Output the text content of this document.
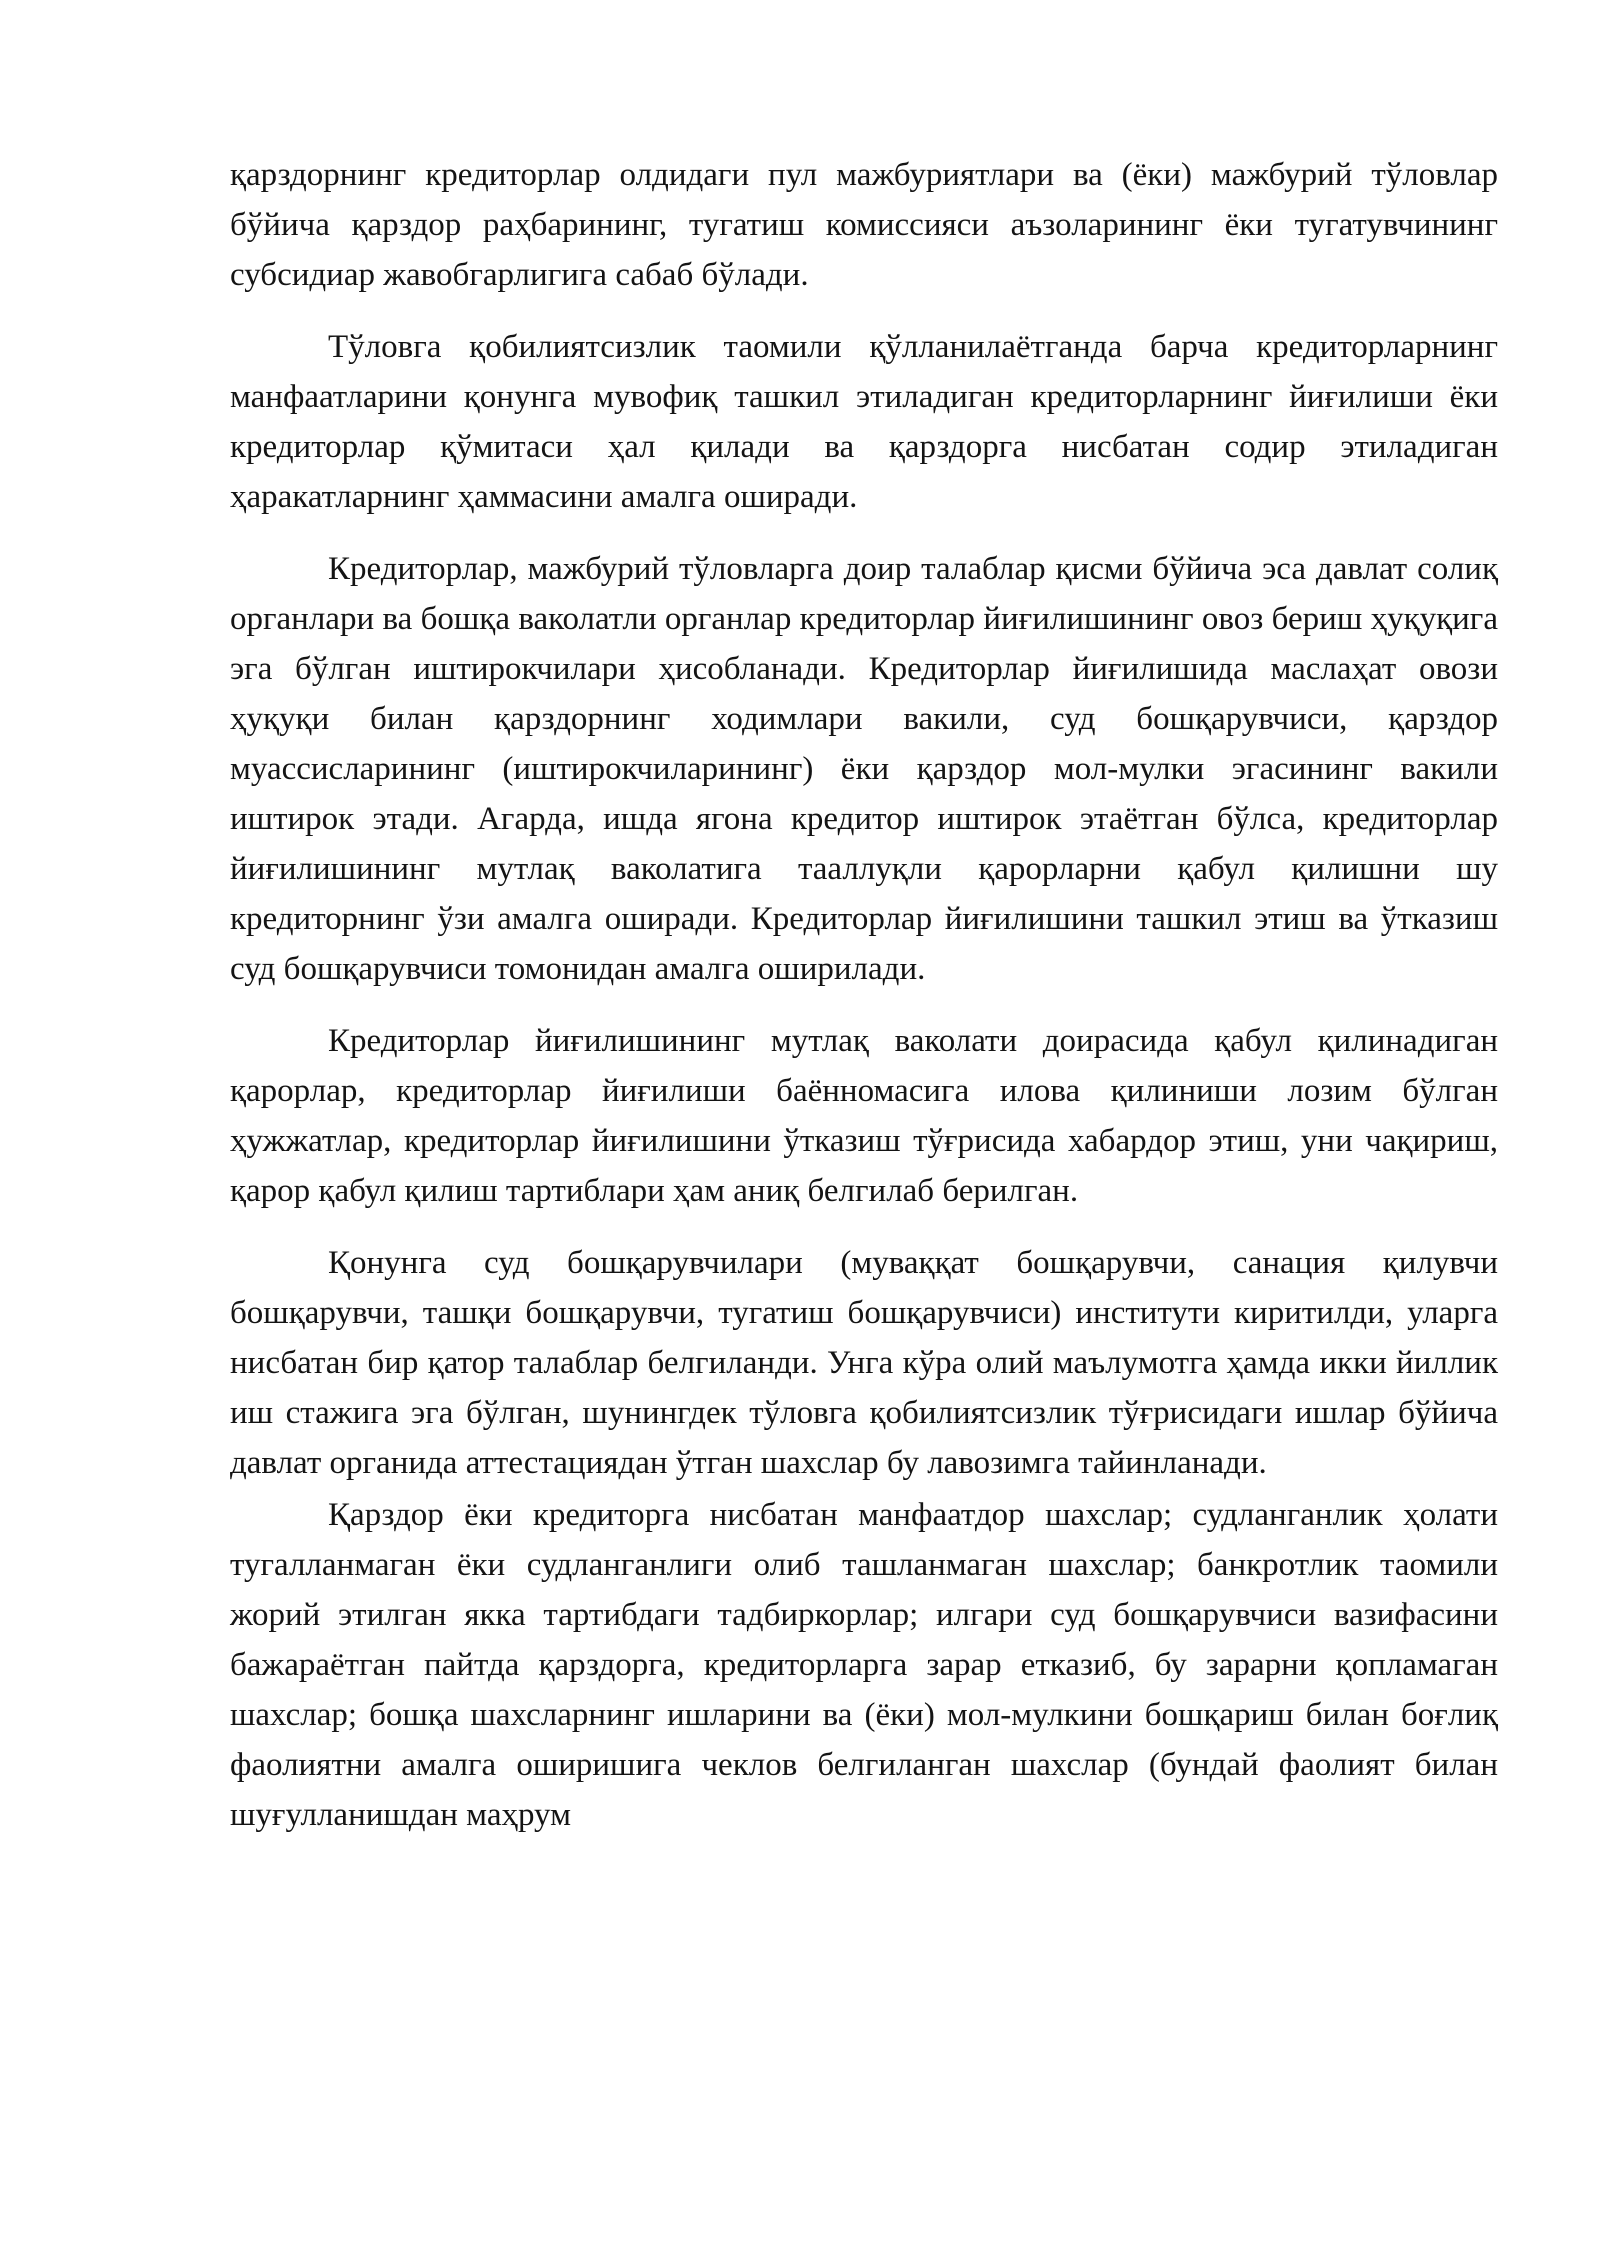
қарздорнинг кредиторлар олдидаги пул мажбуриятлари ва (ёки) мажбурий тўловлар бўйича қарздор раҳбарининг, тугатиш комиссияси аъзоларининг ёки тугатувчининг субсидиар жавобгарлигига сабаб бўлади.

Тўловга қобилиятсизлик таомили қўлланилаётганда барча кредиторларнинг манфаатларини қонунга мувофиқ ташкил этиладиган кредиторларнинг йиғилиши ёки кредиторлар қўмитаси ҳал қилади ва қарздорга нисбатан содир этиладиган ҳаракатларнинг ҳаммасини амалга оширади.

Кредиторлар, мажбурий тўловларга доир талаблар қисми бўйича эса давлат солиқ органлари ва бошқа ваколатли органлар кредиторлар йиғилишининг овоз бериш ҳуқуқига эга бўлган иштирокчилари ҳисобланади. Кредиторлар йиғилишида маслаҳат овози ҳуқуқи билан қарздорнинг ходимлари вакили, суд бошқарувчиси, қарздор муассисларининг (иштирокчиларининг) ёки қарздор мол-мулки эгасининг вакили иштирок этади. Агарда, ишда ягона кредитор иштирок этаётган бўлса, кредиторлар йиғилишининг мутлақ ваколатига тааллуқли қарорларни қабул қилишни шу кредиторнинг ўзи амалга оширади. Кредиторлар йиғилишини ташкил этиш ва ўтказиш суд бошқарувчиси томонидан амалга оширилади.

Кредиторлар йиғилишининг мутлақ ваколати доирасида қабул қилинадиган қарорлар, кредиторлар йиғилиши баённомасига илова қилиниши лозим бўлган ҳужжатлар, кредиторлар йиғилишини ўтказиш тўғрисида хабардор этиш, уни чақириш, қарор қабул қилиш тартиблари ҳам аниқ белгилаб берилган.

Қонунга суд бошқарувчилари (муваққат бошқарувчи, санация қилувчи бошқарувчи, ташқи бошқарувчи, тугатиш бошқарувчиси) институти киритилди, уларга нисбатан бир қатор талаблар белгиланди. Унга кўра олий маълумотга ҳамда икки йиллик иш стажига эга бўлган, шунингдек тўловга қобилиятсизлик тўғрисидаги ишлар бўйича давлат органида аттестациядан ўтган шахслар бу лавозимга тайинланади.

Қарздор ёки кредиторга нисбатан манфаатдор шахслар; судланганлик ҳолати тугалланмаган ёки судланганлиги олиб ташланмаган шахслар; банкротлик таомили жорий этилган якка тартибдаги тадбиркорлар; илгари суд бошқарувчиси вазифасини бажараётган пайтда қарздорга, кредиторларга зарар етказиб, бу зарарни қопламаган шахслар; бошқа шахсларнинг ишларини ва (ёки) мол-мулкини бошқариш билан боғлиқ фаолиятни амалга оширишига чеклов белгиланган шахслар (бундай фаолият билан шуғулланишдан маҳрум
